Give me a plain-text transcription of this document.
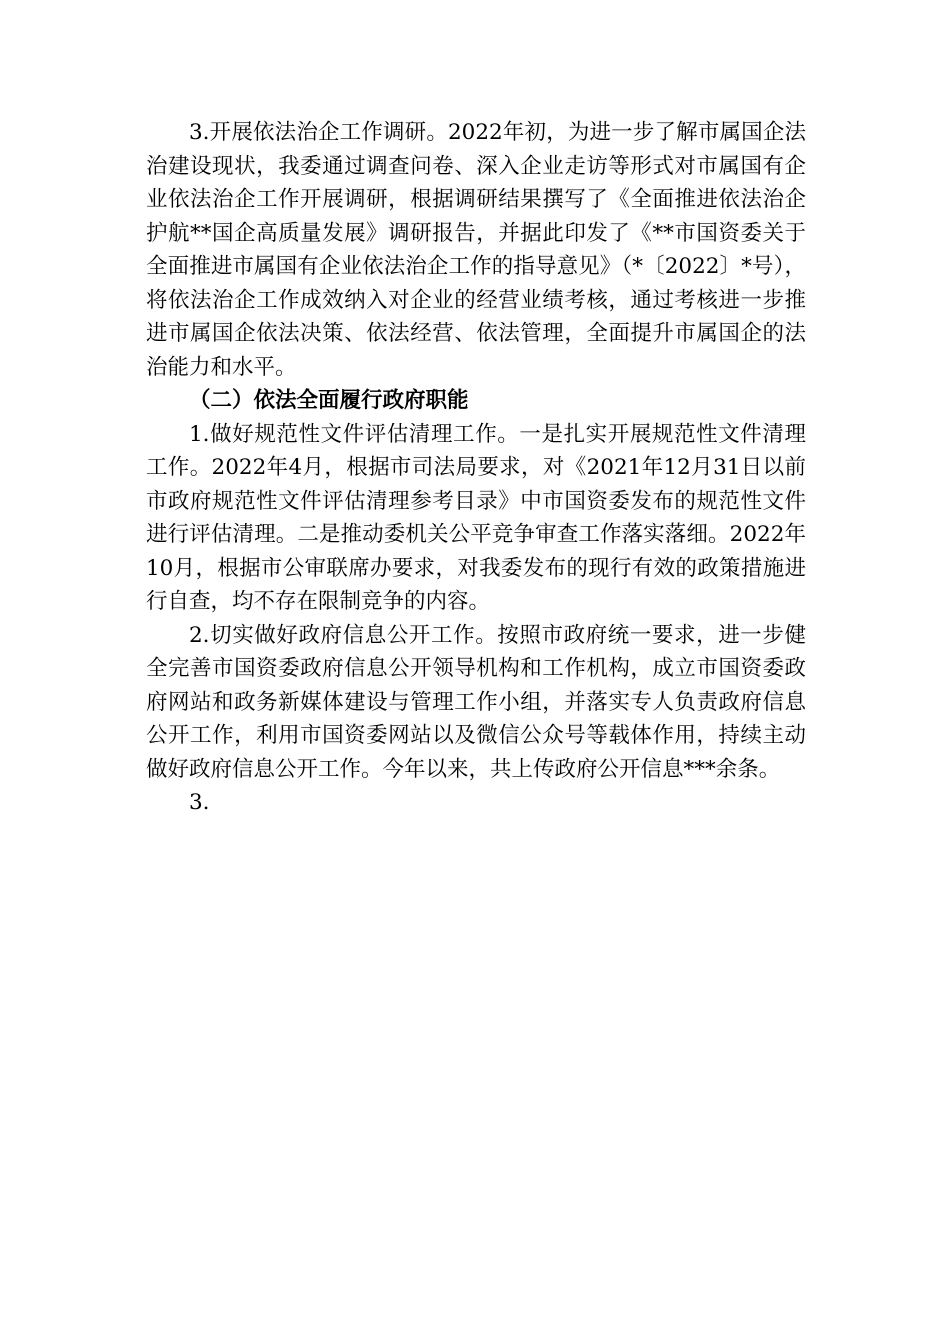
3.开展依法治企工作调研。2022年初，为进一步了解市属国企法治建设现状，我委通过调查问卷、深入企业走访等形式对市属国有企业依法治企工作开展调研，根据调研结果撰写了《全面推进依法治企护航**国企高质量发展》调研报告，并据此印发了《**市国资委关于全面推进市属国有企业依法治企工作的指导意见》（*〔2022〕*号），将依法治企工作成效纳入对企业的经营业绩考核，通过考核进一步推进市属国企依法决策、依法经营、依法管理，全面提升市属国企的法治能力和水平。

（二）依法全面履行政府职能

1.做好规范性文件评估清理工作。一是扎实开展规范性文件清理工作。2022年4月，根据市司法局要求，对《2021年12月31日以前市政府规范性文件评估清理参考目录》中市国资委发布的规范性文件进行评估清理。二是推动委机关公平竞争审查工作落实落细。2022年10月，根据市公审联席办要求，对我委发布的现行有效的政策措施进行自查，均不存在限制竞争的内容。

2.切实做好政府信息公开工作。按照市政府统一要求，进一步健全完善市国资委政府信息公开领导机构和工作机构，成立市国资委政府网站和政务新媒体建设与管理工作小组，并落实专人负责政府信息公开工作，利用市国资委网站以及微信公众号等载体作用，持续主动做好政府信息公开工作。今年以来，共上传政府公开信息***余条。

3.
